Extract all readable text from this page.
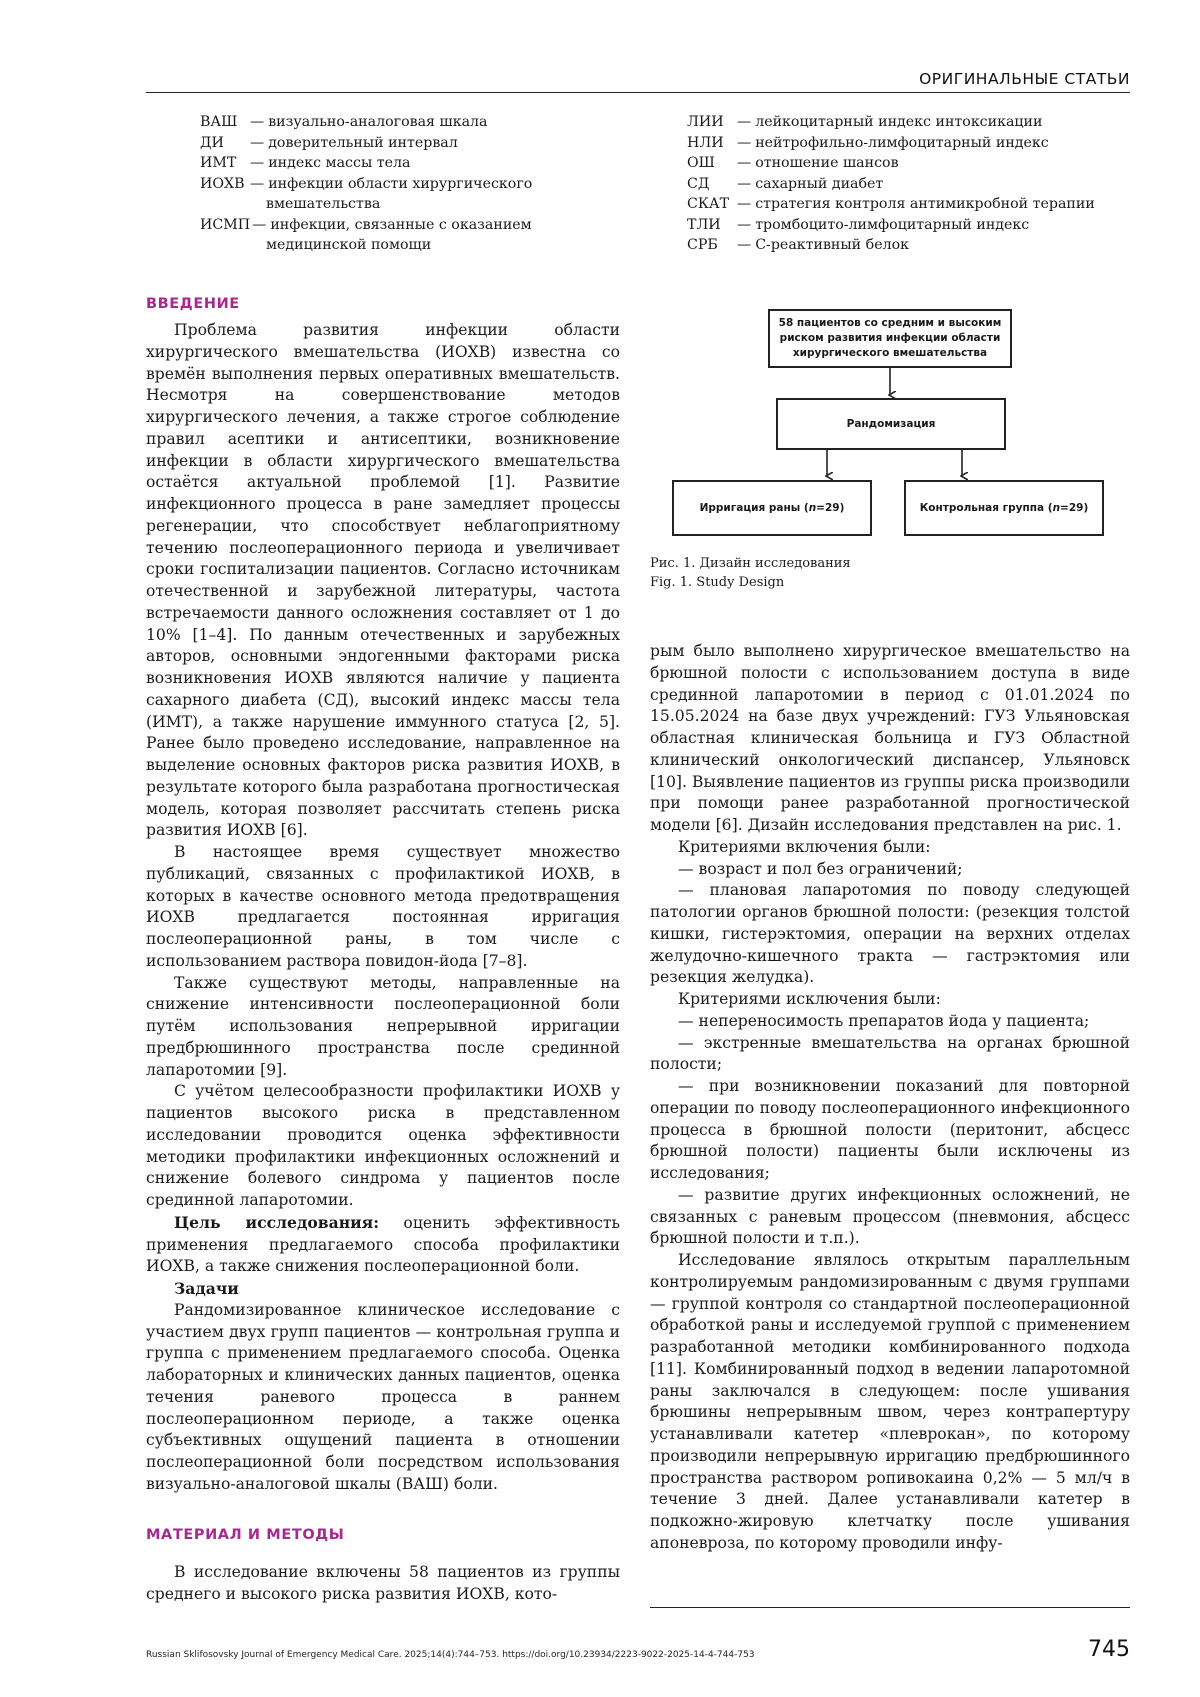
ОРИГИНАЛЬНЫЕ СТАТЬИ
ВАШ — визуально-аналоговая шкала
ДИ	— доверительный интервал
ИМТ — индекс массы тела
ИОХВ — инфекции области хирургического
вмешательства
ИСМП — инфекции, связанные с оказанием
медицинской помощи
ЛИИ — лейкоцитарный индекс интоксикации
НЛИ — нейтрофильно-лимфоцитарный индекс
ОШ	— отношение шансов
СД	— сахарный диабет
СКАТ — стратегия контроля антимикробной терапии
ТЛИ	— тромбоцито-лимфоцитарный индекс
СРБ	— С-реактивный белок
ВВЕДЕНИЕ

Проблема развития инфекции области хирургического вмешательства (ИОХВ) известна со времён выполнения первых оперативных вмешательств. Несмотря на совершенствование методов хирургического лечения, а также строгое соблюдение правил асептики и антисептики, возникновение инфекции в области хирургического вмешательства остаётся актуальной проблемой [1]. Развитие инфекционного процесса в ране замедляет процессы регенерации, что способствует неблагоприятному течению послеоперационного периода и увеличивает сроки госпитализации пациентов. Согласно источникам отечественной и зарубежной литературы, частота встречаемости данного осложнения составляет от 1 до 10% [1–4]. По данным отечественных и зарубежных авторов, основными эндогенными факторами риска возникновения ИОХВ являются наличие у пациента сахарного диабета (СД), высокий индекс массы тела (ИМТ), а также нарушение иммунного статуса [2, 5]. Ранее было проведено исследование, направленное на выделение основных факторов риска развития ИОХВ, в результате которого была разработана прогностическая модель, которая позволяет рассчитать степень риска развития ИОХВ [6].

В настоящее время существует множество публикаций, связанных с профилактикой ИОХВ, в которых в качестве основного метода предотвращения ИОХВ предлагается постоянная ирригация послеоперационной раны, в том числе с использованием раствора повидон-йода [7–8].

Также существуют методы, направленные на снижение интенсивности послеоперационной боли путём использования непрерывной ирригации предбрюшинного пространства после срединной лапаротомии [9].

С учётом целесообразности профилактики ИОХВ у пациентов высокого риска в представленном исследовании проводится оценка эффективности методики профилактики инфекционных осложнений и снижение болевого синдрома у пациентов после срединной лапаротомии.

Цель исследования: оценить эффективность применения предлагаемого способа профилактики ИОХВ, а также снижения послеоперационной боли.

Задачи

Рандомизированное клиническое исследование с участием двух групп пациентов — контрольная группа и группа с применением предлагаемого способа. Оценка лабораторных и клинических данных пациентов, оценка течения раневого процесса в раннем послеоперационном периоде, а также оценка субъективных ощущений пациента в отношении послеоперационной боли посредством использования визуально-аналоговой шкалы (ВАШ) боли.

МАТЕРИАЛ И МЕТОДЫ

В исследование включены 58 пациентов из группы среднего и высокого риска развития ИОХВ, кото-

58 пациентов со средним и высоким риском развития инфекции области хирургического вмешательства
Рандомизация
Ирригация раны (n=29)	Контрольная группа (n=29)
Рис. 1. Дизайн исследования
Fig. 1. Study Design

рым было выполнено хирургическое вмешательство на брюшной полости с использованием доступа в виде срединной лапаротомии в период с 01.01.2024 по 15.05.2024 на базе двух учреждений: ГУЗ Ульяновская областная клиническая больница и ГУЗ Областной клинический онкологический диспансер, Ульяновск [10]. Выявление пациентов из группы риска производили при помощи ранее разработанной прогностической модели [6]. Дизайн исследования представлен на рис. 1.

Критериями включения были:

— возраст и пол без ограничений;

— плановая лапаротомия по поводу следующей патологии органов брюшной полости: (резекция толстой кишки, гистерэктомия, операции на верхних отделах желудочно-кишечного тракта — гастрэктомия или резекция желудка).

Критериями исключения были:

— непереносимость препаратов йода у пациента;

— экстренные вмешательства на органах брюшной полости;

— при возникновении показаний для повторной операции по поводу послеоперационного инфекционного процесса в брюшной полости (перитонит, абсцесс брюшной полости) пациенты были исключены из исследования;

— развитие других инфекционных осложнений, не связанных с раневым процессом (пневмония, абсцесс брюшной полости и т.п.).

Исследование являлось открытым параллельным контролируемым рандомизированным с двумя группами — группой контроля со стандартной послеоперационной обработкой раны и исследуемой группой с применением разработанной методики комбинированного подхода [11]. Комбинированный подход в ведении лапаротомной раны заключался в следующем: после ушивания брюшины непрерывным швом, через контрапертуру устанавливали катетер «плеврокан», по которому производили непрерывную ирригацию предбрюшинного пространства раствором ропивокаина 0,2% — 5 мл/ч в течение 3 дней. Далее устанавливали катетер в подкожно-жировую клетчатку после ушивания апоневроза, по которому проводили инфу-

Russian Sklifosovsky Journal of Emergency Medical Care. 2025;14(4):744–753. https://doi.org/10.23934/2223-9022-2025-14-4-744-753	745
